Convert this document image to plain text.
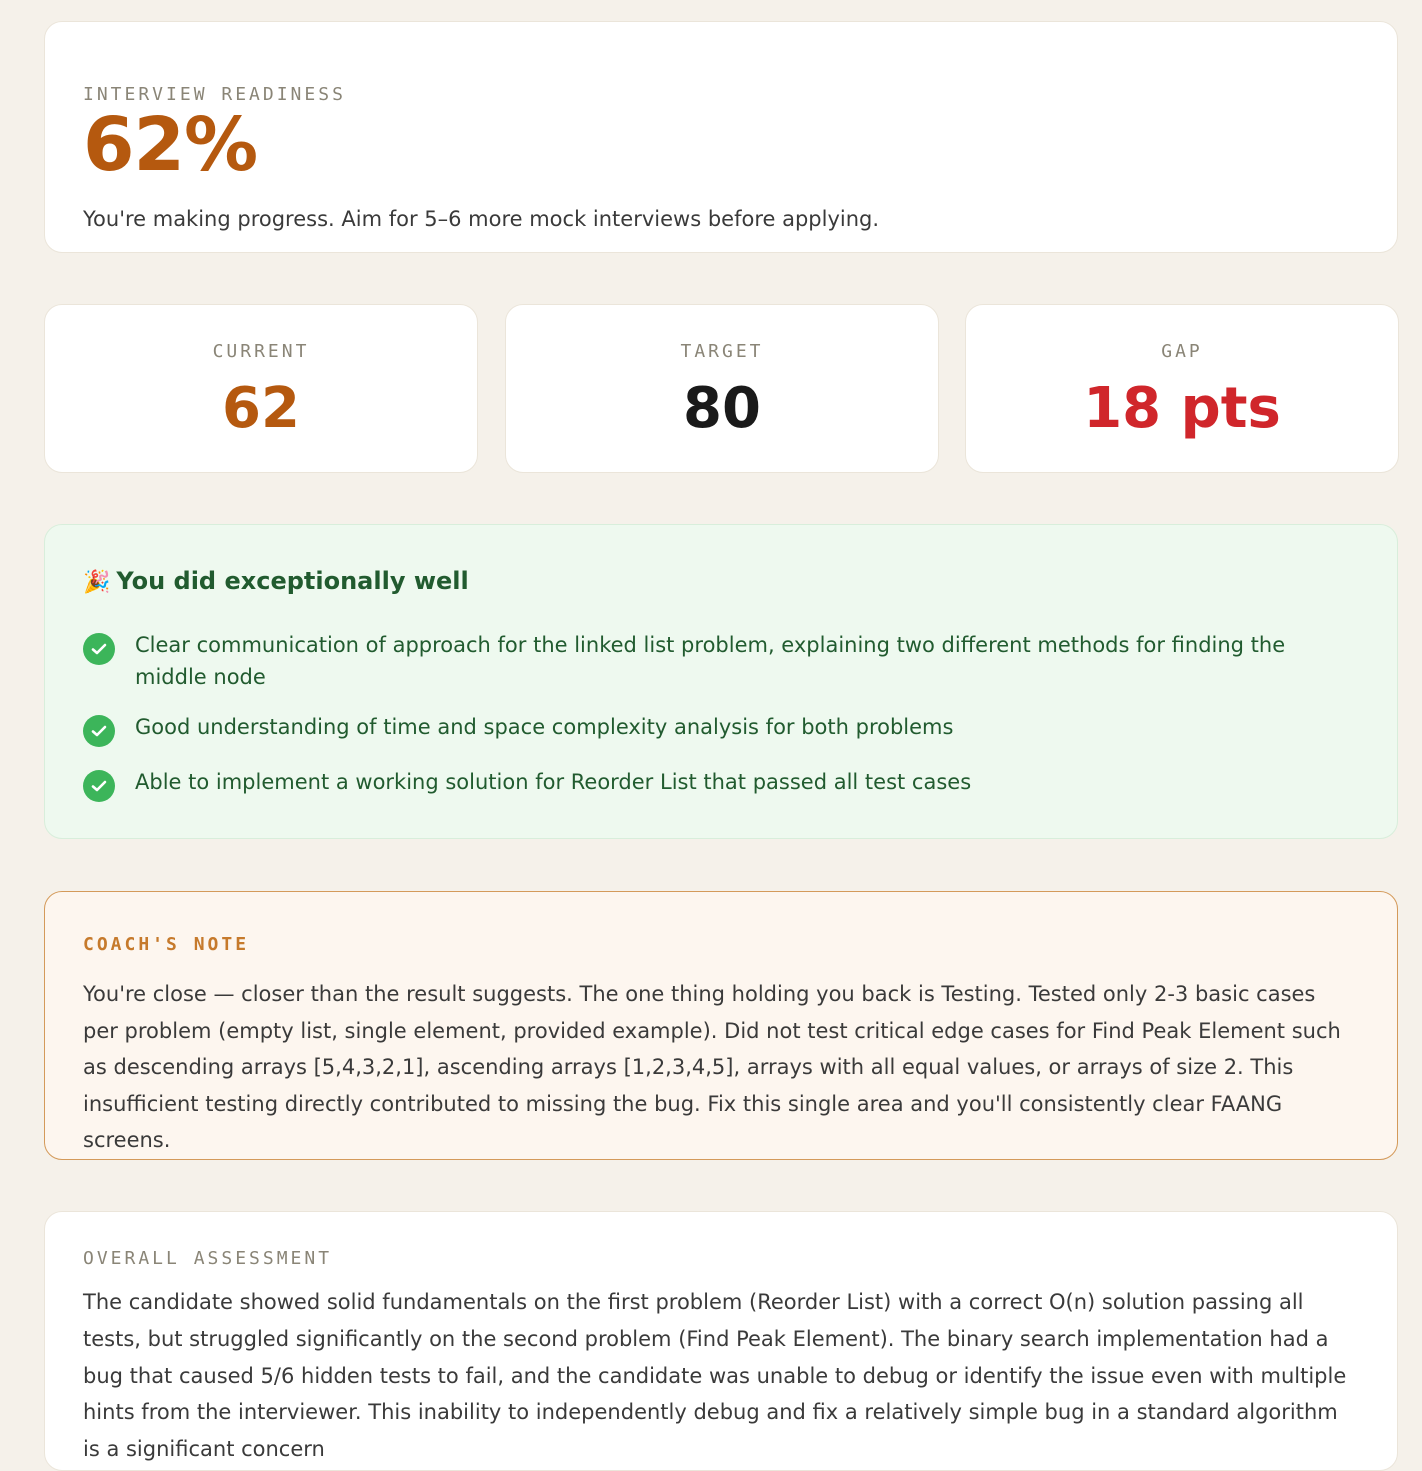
INTERVIEW READINESS
62%
You're making progress. Aim for 5–6 more mock interviews before applying.
CURRENT
62
TARGET
80
GAP
18 pts
🎉 You did exceptionally well
Clear communication of approach for the linked list problem, explaining two different methods for finding the middle node
Good understanding of time and space complexity analysis for both problems
Able to implement a working solution for Reorder List that passed all test cases
COACH'S NOTE
You're close — closer than the result suggests. The one thing holding you back is Testing. Tested only 2-3 basic cases per problem (empty list, single element, provided example). Did not test critical edge cases for Find Peak Element such as descending arrays [5,4,3,2,1], ascending arrays [1,2,3,4,5], arrays with all equal values, or arrays of size 2. This insufficient testing directly contributed to missing the bug. Fix this single area and you'll consistently clear FAANG screens.
OVERALL ASSESSMENT
The candidate showed solid fundamentals on the first problem (Reorder List) with a correct O(n) solution passing all tests, but struggled significantly on the second problem (Find Peak Element). The binary search implementation had a bug that caused 5/6 hidden tests to fail, and the candidate was unable to debug or identify the issue even with multiple hints from the interviewer. This inability to independently debug and fix a relatively simple bug in a standard algorithm is a significant concern
